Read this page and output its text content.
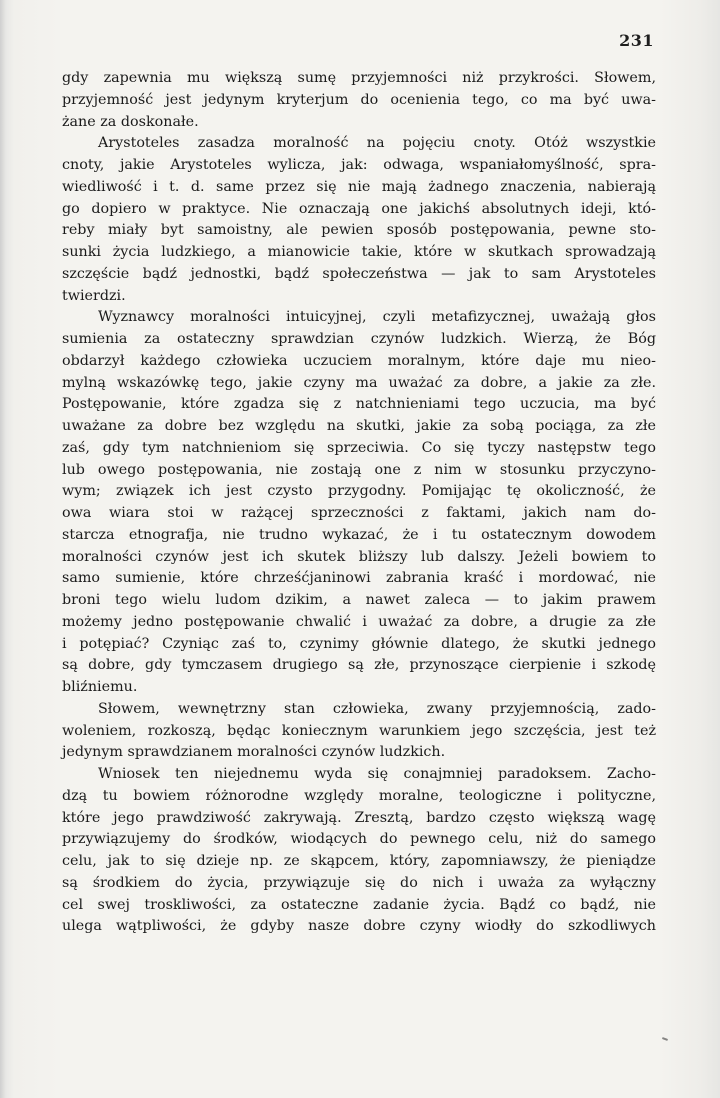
231

gdy zapewnia mu większą sumę przyjemności niż przykrości. Słowem,
przyjemność jest jedynym kryterjum do ocenienia tego, co ma być uwa-
żane za doskonałe.

Arystoteles zasadza moralność na pojęciu cnoty. Otóż wszystkie
cnoty, jakie Arystoteles wylicza, jak: odwaga, wspaniałomyślność, spra-
wiedliwość i t. d. same przez się nie mają żadnego znaczenia, nabierają
go dopiero w praktyce. Nie oznaczają one jakichś absolutnych ideji, któ-
reby miały byt samoistny, ale pewien sposób postępowania, pewne sto-
sunki życia ludzkiego, a mianowicie takie, które w skutkach sprowadzają
szczęście bądź jednostki, bądź społeczeństwa — jak to sam Arystoteles
twierdzi.

Wyznawcy moralności intuicyjnej, czyli metafizycznej, uważają głos
sumienia za ostateczny sprawdzian czynów ludzkich. Wierzą, że Bóg
obdarzył każdego człowieka uczuciem moralnym, które daje mu nieo-
mylną wskazówkę tego, jakie czyny ma uważać za dobre, a jakie za złe.
Postępowanie, które zgadza się z natchnieniami tego uczucia, ma być
uważane za dobre bez względu na skutki, jakie za sobą pociąga, za złe
zaś, gdy tym natchnieniom się sprzeciwia. Co się tyczy następstw tego
lub owego postępowania, nie zostają one z nim w stosunku przyczyno-
wym; związek ich jest czysto przygodny. Pomijając tę okoliczność, że
owa wiara stoi w rażącej sprzeczności z faktami, jakich nam do-
starcza etnografja, nie trudno wykazać, że i tu ostatecznym dowodem
moralności czynów jest ich skutek bliższy lub dalszy. Jeżeli bowiem to
samo sumienie, które chrześćjaninowi zabrania kraść i mordować, nie
broni tego wielu ludom dzikim, a nawet zaleca — to jakim prawem
możemy jedno postępowanie chwalić i uważać za dobre, a drugie za złe
i potępiać? Czyniąc zaś to, czynimy głównie dlatego, że skutki jednego
są dobre, gdy tymczasem drugiego są złe, przynoszące cierpienie i szkodę
bliźniemu.

Słowem, wewnętrzny stan człowieka, zwany przyjemnością, zado-
woleniem, rozkoszą, będąc koniecznym warunkiem jego szczęścia, jest też
jedynym sprawdzianem moralności czynów ludzkich.

Wniosek ten niejednemu wyda się conajmniej paradoksem. Zacho-
dzą tu bowiem różnorodne względy moralne, teologiczne i polityczne,
które jego prawdziwość zakrywają. Zresztą, bardzo często większą wagę
przywiązujemy do środków, wiodących do pewnego celu, niż do samego
celu, jak to się dzieje np. ze skąpcem, który, zapomniawszy, że pieniądze
są środkiem do życia, przywiązuje się do nich i uważa za wyłączny
cel swej troskliwości, za ostateczne zadanie życia. Bądź co bądź, nie
ulega wątpliwości, że gdyby nasze dobre czyny wiodły do szkodliwych
